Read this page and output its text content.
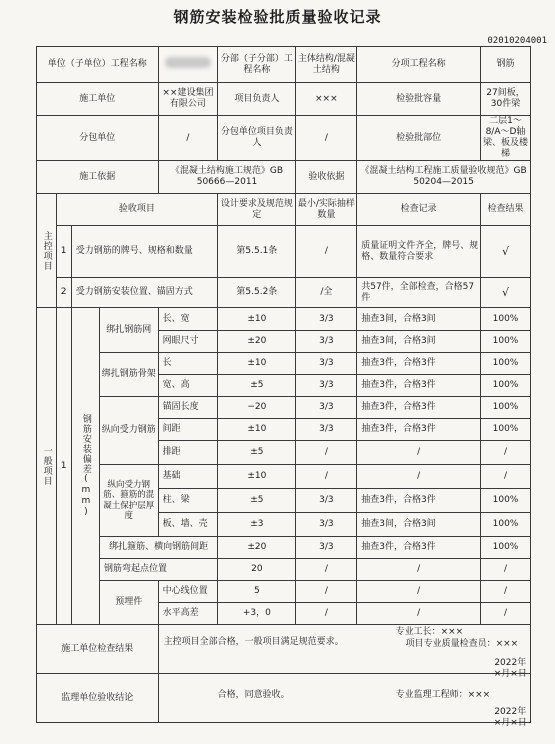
钢筋安装检验批质量验收记录
02010204001
单位（子单位）工程名称					分部（子分部）工程名称	主体结构/混凝土结构	分项工程名称	钢筋
施工单位				××建设集团有限公司	项目负责人	×××	检验批容量	27间板，30件梁
分包单位				/	分包单位项目负责人	/	检验批部位	二层1～8/A～D轴梁、板及楼梯
施工依据				《混凝土结构施工规范》GB 50666—2011		验收依据	《混凝土结构工程施工质量验收规范》GB 50204—2015	

主控项目	验收项目				设计要求及规范规定	最小/实际抽样数量	检查记录	检查结果
	1	受力钢筋的牌号、规格和数量			第5.5.1条	/	质量证明文件齐全，牌号、规格、数量符合要求	√
	2	受力钢筋安装位置、锚固方式			第5.5.2条	/全	共57件，全部检查，合格57件	√

一般项目	1	钢筋安装偏差(mm)	绑扎钢筋网	长、宽	±10	3/3	抽查3间，合格3间	100%
				网眼尺寸	±20	3/3	抽查3间，合格3间	100%
			绑扎钢筋骨架	长	±10	3/3	抽查3件，合格3件	100%
				宽、高	±5	3/3	抽查3件，合格3件	100%
			纵向受力钢筋	锚固长度	−20	3/3	抽查3件，合格3件	100%
				间距	±10	3/3	抽查3件，合格3件	100%
				排距	±5	/	/	/
			纵向受力钢筋、箍筋的混凝土保护层厚度	基础	±10	/	/	/
				柱、梁	±5	3/3	抽查3件，合格3件	100%
				板、墙、壳	±3	3/3	抽查3间，合格3间	100%
			绑扎箍筋、横向钢筋间距		±20	3/3	抽查3件，合格3件	100%
			钢筋弯起点位置		20	/	/	/
			预埋件	中心线位置	5	/	/	/
				水平高差	+3，0	/	/	/
施工单位检查结果				主控项目全部合格，一般项目满足规范要求。
专业工长：×××
项目专业质量检查员：×××
2022年×月×日				

监理单位验收结论				合格，同意验收。 专业监理工程师：×××
2022年×月×日				
